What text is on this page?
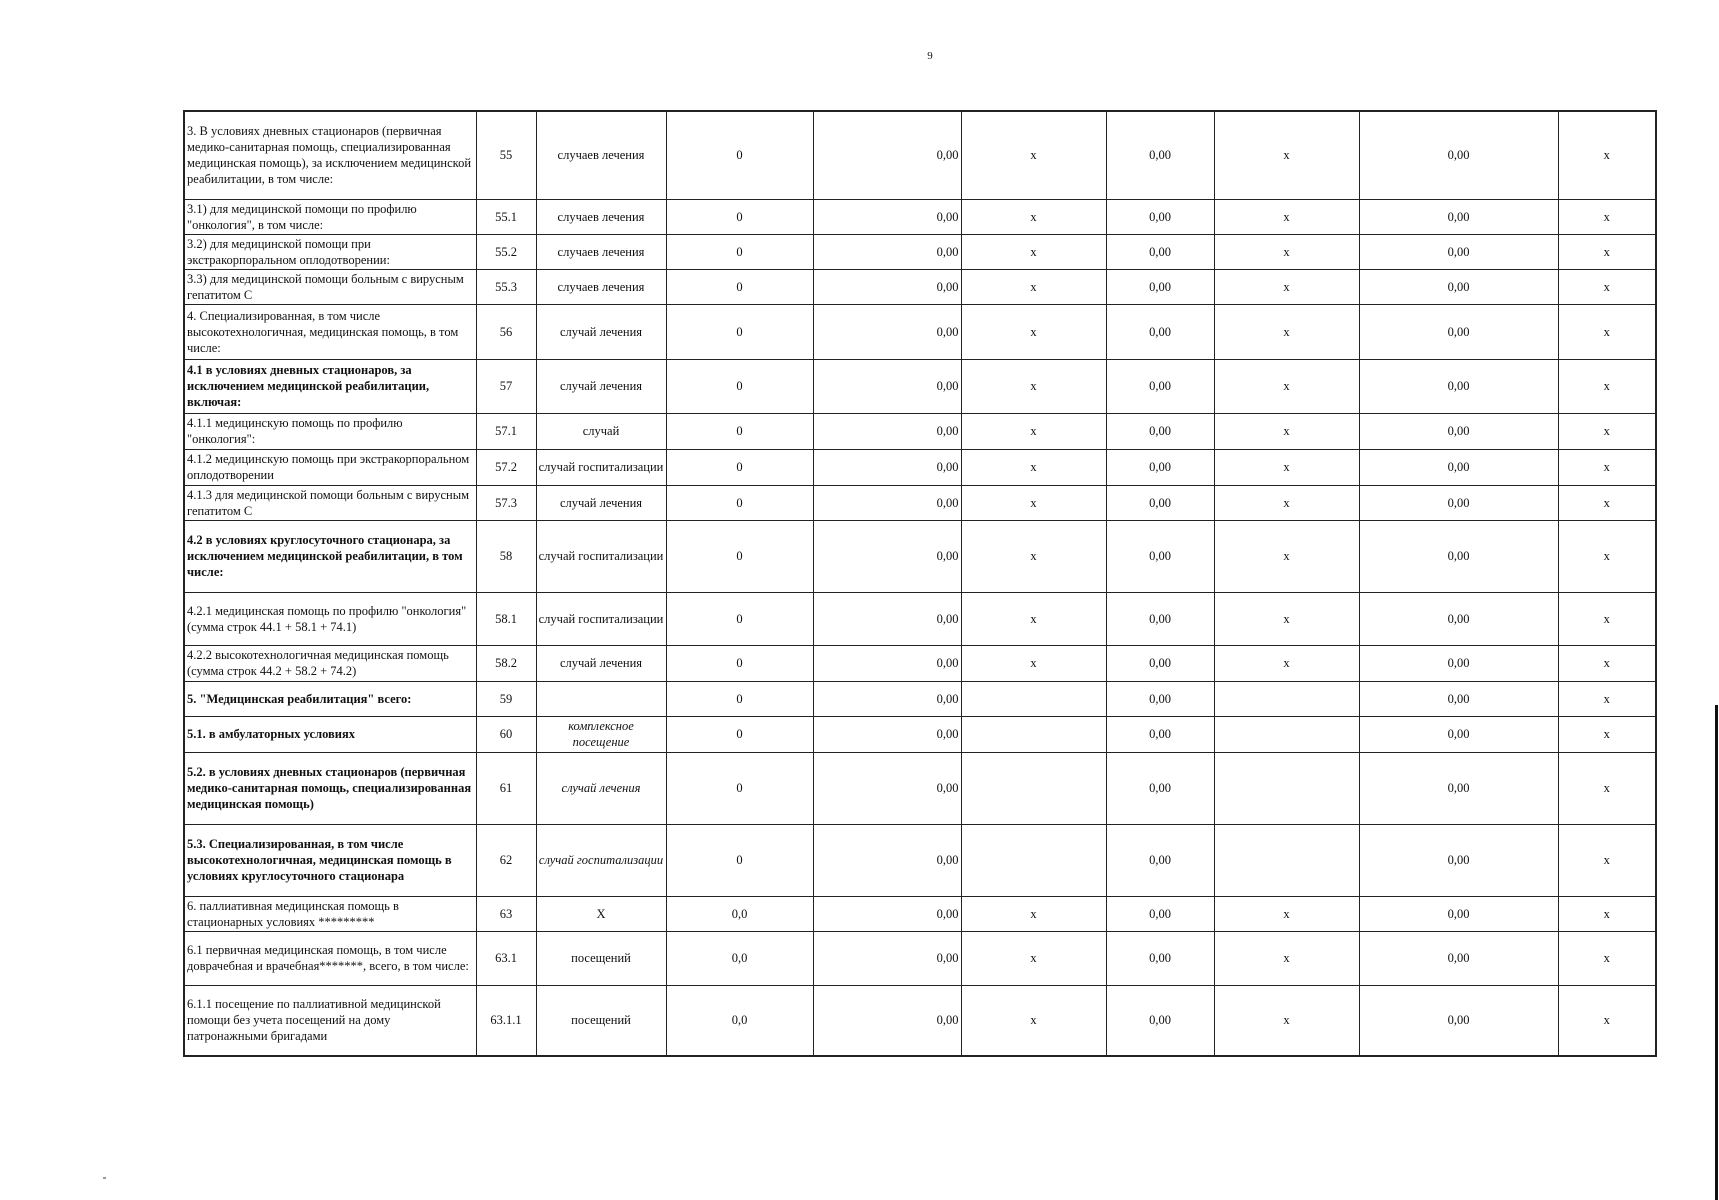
9
3. В условиях дневных стационаров (первичная медико-санитарная помощь, специализированная медицинская помощь), за исключением медицинской реабилитации, в том числе:	55	случаев лечения	0	0,00	x	0,00	x	0,00	x
3.1) для медицинской помощи по профилю "онкология", в том числе:	55.1	случаев лечения	0	0,00	x	0,00	x	0,00	x
3.2) для медицинской помощи при экстракорпоральном оплодотворении:	55.2	случаев лечения	0	0,00	x	0,00	x	0,00	x
3.3) для медицинской помощи больным с вирусным гепатитом С	55.3	случаев лечения	0	0,00	x	0,00	x	0,00	x
4. Специализированная, в том числе высокотехнологичная, медицинская помощь, в том числе:	56	случай лечения	0	0,00	x	0,00	x	0,00	x
4.1 в условиях дневных стационаров, за исключением медицинской реабилитации, включая:	57	случай лечения	0	0,00	x	0,00	x	0,00	x
4.1.1 медицинскую помощь по профилю "онкология":	57.1	случай	0	0,00	x	0,00	x	0,00	x
4.1.2 медицинскую помощь при экстракорпоральном оплодотворении	57.2	случай госпитализации	0	0,00	x	0,00	x	0,00	x
4.1.3 для медицинской помощи больным с вирусным гепатитом С	57.3	случай лечения	0	0,00	x	0,00	x	0,00	x
4.2 в условиях круглосуточного стационара, за исключением медицинской реабилитации, в том числе:	58	случай госпитализации	0	0,00	x	0,00	x	0,00	x
4.2.1 медицинская помощь по профилю "онкология" (сумма строк 44.1 + 58.1 + 74.1)	58.1	случай госпитализации	0	0,00	x	0,00	x	0,00	x
4.2.2 высокотехнологичная медицинская помощь (сумма строк 44.2 + 58.2 + 74.2)	58.2	случай лечения	0	0,00	x	0,00	x	0,00	x
5. "Медицинская реабилитация" всего:	59		0	0,00		0,00		0,00	x
5.1. в амбулаторных условиях	60	комплексное посещение	0	0,00		0,00		0,00	x
5.2. в условиях дневных стационаров (первичная медико-санитарная помощь, специализированная медицинская помощь)	61	случай лечения	0	0,00		0,00		0,00	x
5.3. Специализированная, в том числе высокотехнологичная, медицинская помощь в условиях круглосуточного стационара	62	случай госпитализации	0	0,00		0,00		0,00	x
6. паллиативная медицинская помощь в стационарных условиях *********	63	Х	0,0	0,00	x	0,00	x	0,00	x
6.1 первичная медицинская помощь, в том числе доврачебная и врачебная*******, всего, в том числе:	63.1	посещений	0,0	0,00	x	0,00	x	0,00	x
6.1.1 посещение по паллиативной медицинской помощи без учета посещений на дому патронажными бригадами	63.1.1	посещений	0,0	0,00	x	0,00	x	0,00	x
